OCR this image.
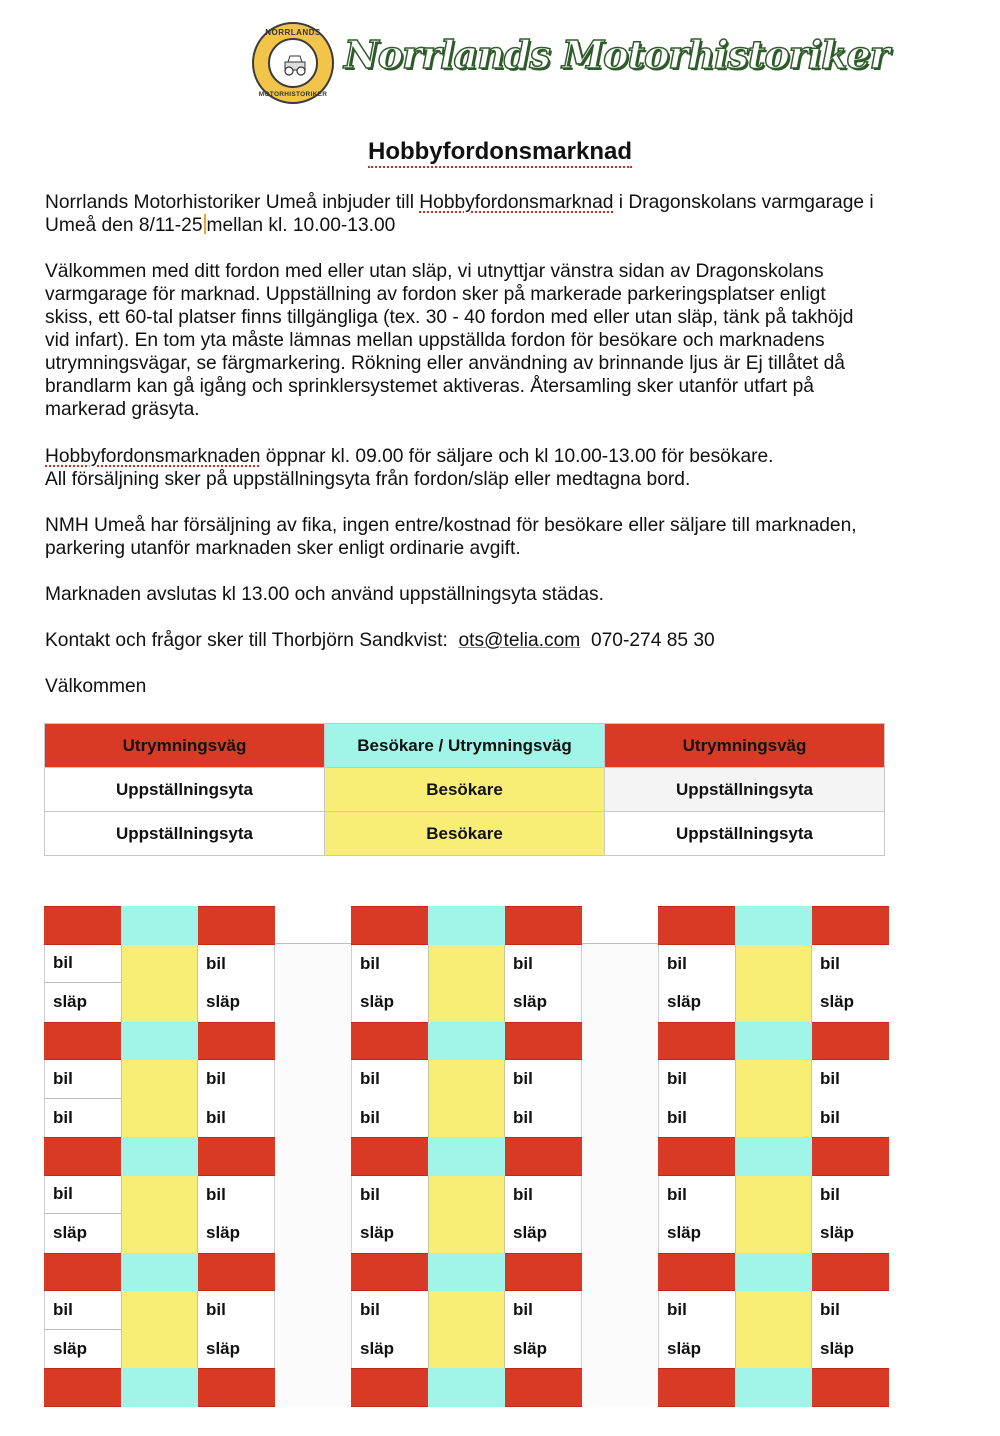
NORRLANDS
MOTORHISTORIKER
Norrlands Motorhistoriker
Hobbyfordonsmarknad

Norrlands Motorhistoriker Umeå inbjuder till Hobbyfordonsmarknad i Dragonskolans varmgarage i
Umeå den 8/11-25 mellan kl. 10.00-13.00

Välkommen med ditt fordon med eller utan släp, vi utnyttjar vänstra sidan av Dragonskolans
varmgarage för marknad. Uppställning av fordon sker på markerade parkeringsplatser enligt
skiss, ett 60-tal platser finns tillgängliga (tex. 30 - 40 fordon med eller utan släp, tänk på takhöjd
vid infart). En tom yta måste lämnas mellan uppställda fordon för besökare och marknadens
utrymningsvägar, se färgmarkering. Rökning eller användning av brinnande ljus är Ej tillåtet då
brandlarm kan gå igång och sprinklersystemet aktiveras. Återsamling sker utanför utfart på
markerad gräsyta.

Hobbyfordonsmarknaden öppnar kl. 09.00 för säljare och kl 10.00-13.00 för besökare.
All försäljning sker på uppställningsyta från fordon/släp eller medtagna bord.

NMH Umeå har försäljning av fika, ingen entre/kostnad för besökare eller säljare till marknaden,
parkering utanför marknaden sker enligt ordinarie avgift.

Marknaden avslutas kl 13.00 och använd uppställningsyta städas.

Kontakt och frågor sker till Thorbjörn Sandkvist:  ots@telia.com  070-274 85 30

Välkommen

Utrymningsväg	Besökare / Utrymningsväg	Utrymningsväg
Uppställningsyta	Besökare	Uppställningsyta
Uppställningsyta	Besökare	Uppställningsyta
bil	bil
släp	släp
bil	bil
bil	bil
bil	bil
släp	släp
bil	bil
släp	släp
bil	bil
släp	släp
bil	bil
bil	bil
bil	bil
släp	släp
bil	bil
släp	släp
bil	bil
släp	släp
bil	bil
bil	bil
bil	bil
släp	släp
bil	bil
släp	släp
